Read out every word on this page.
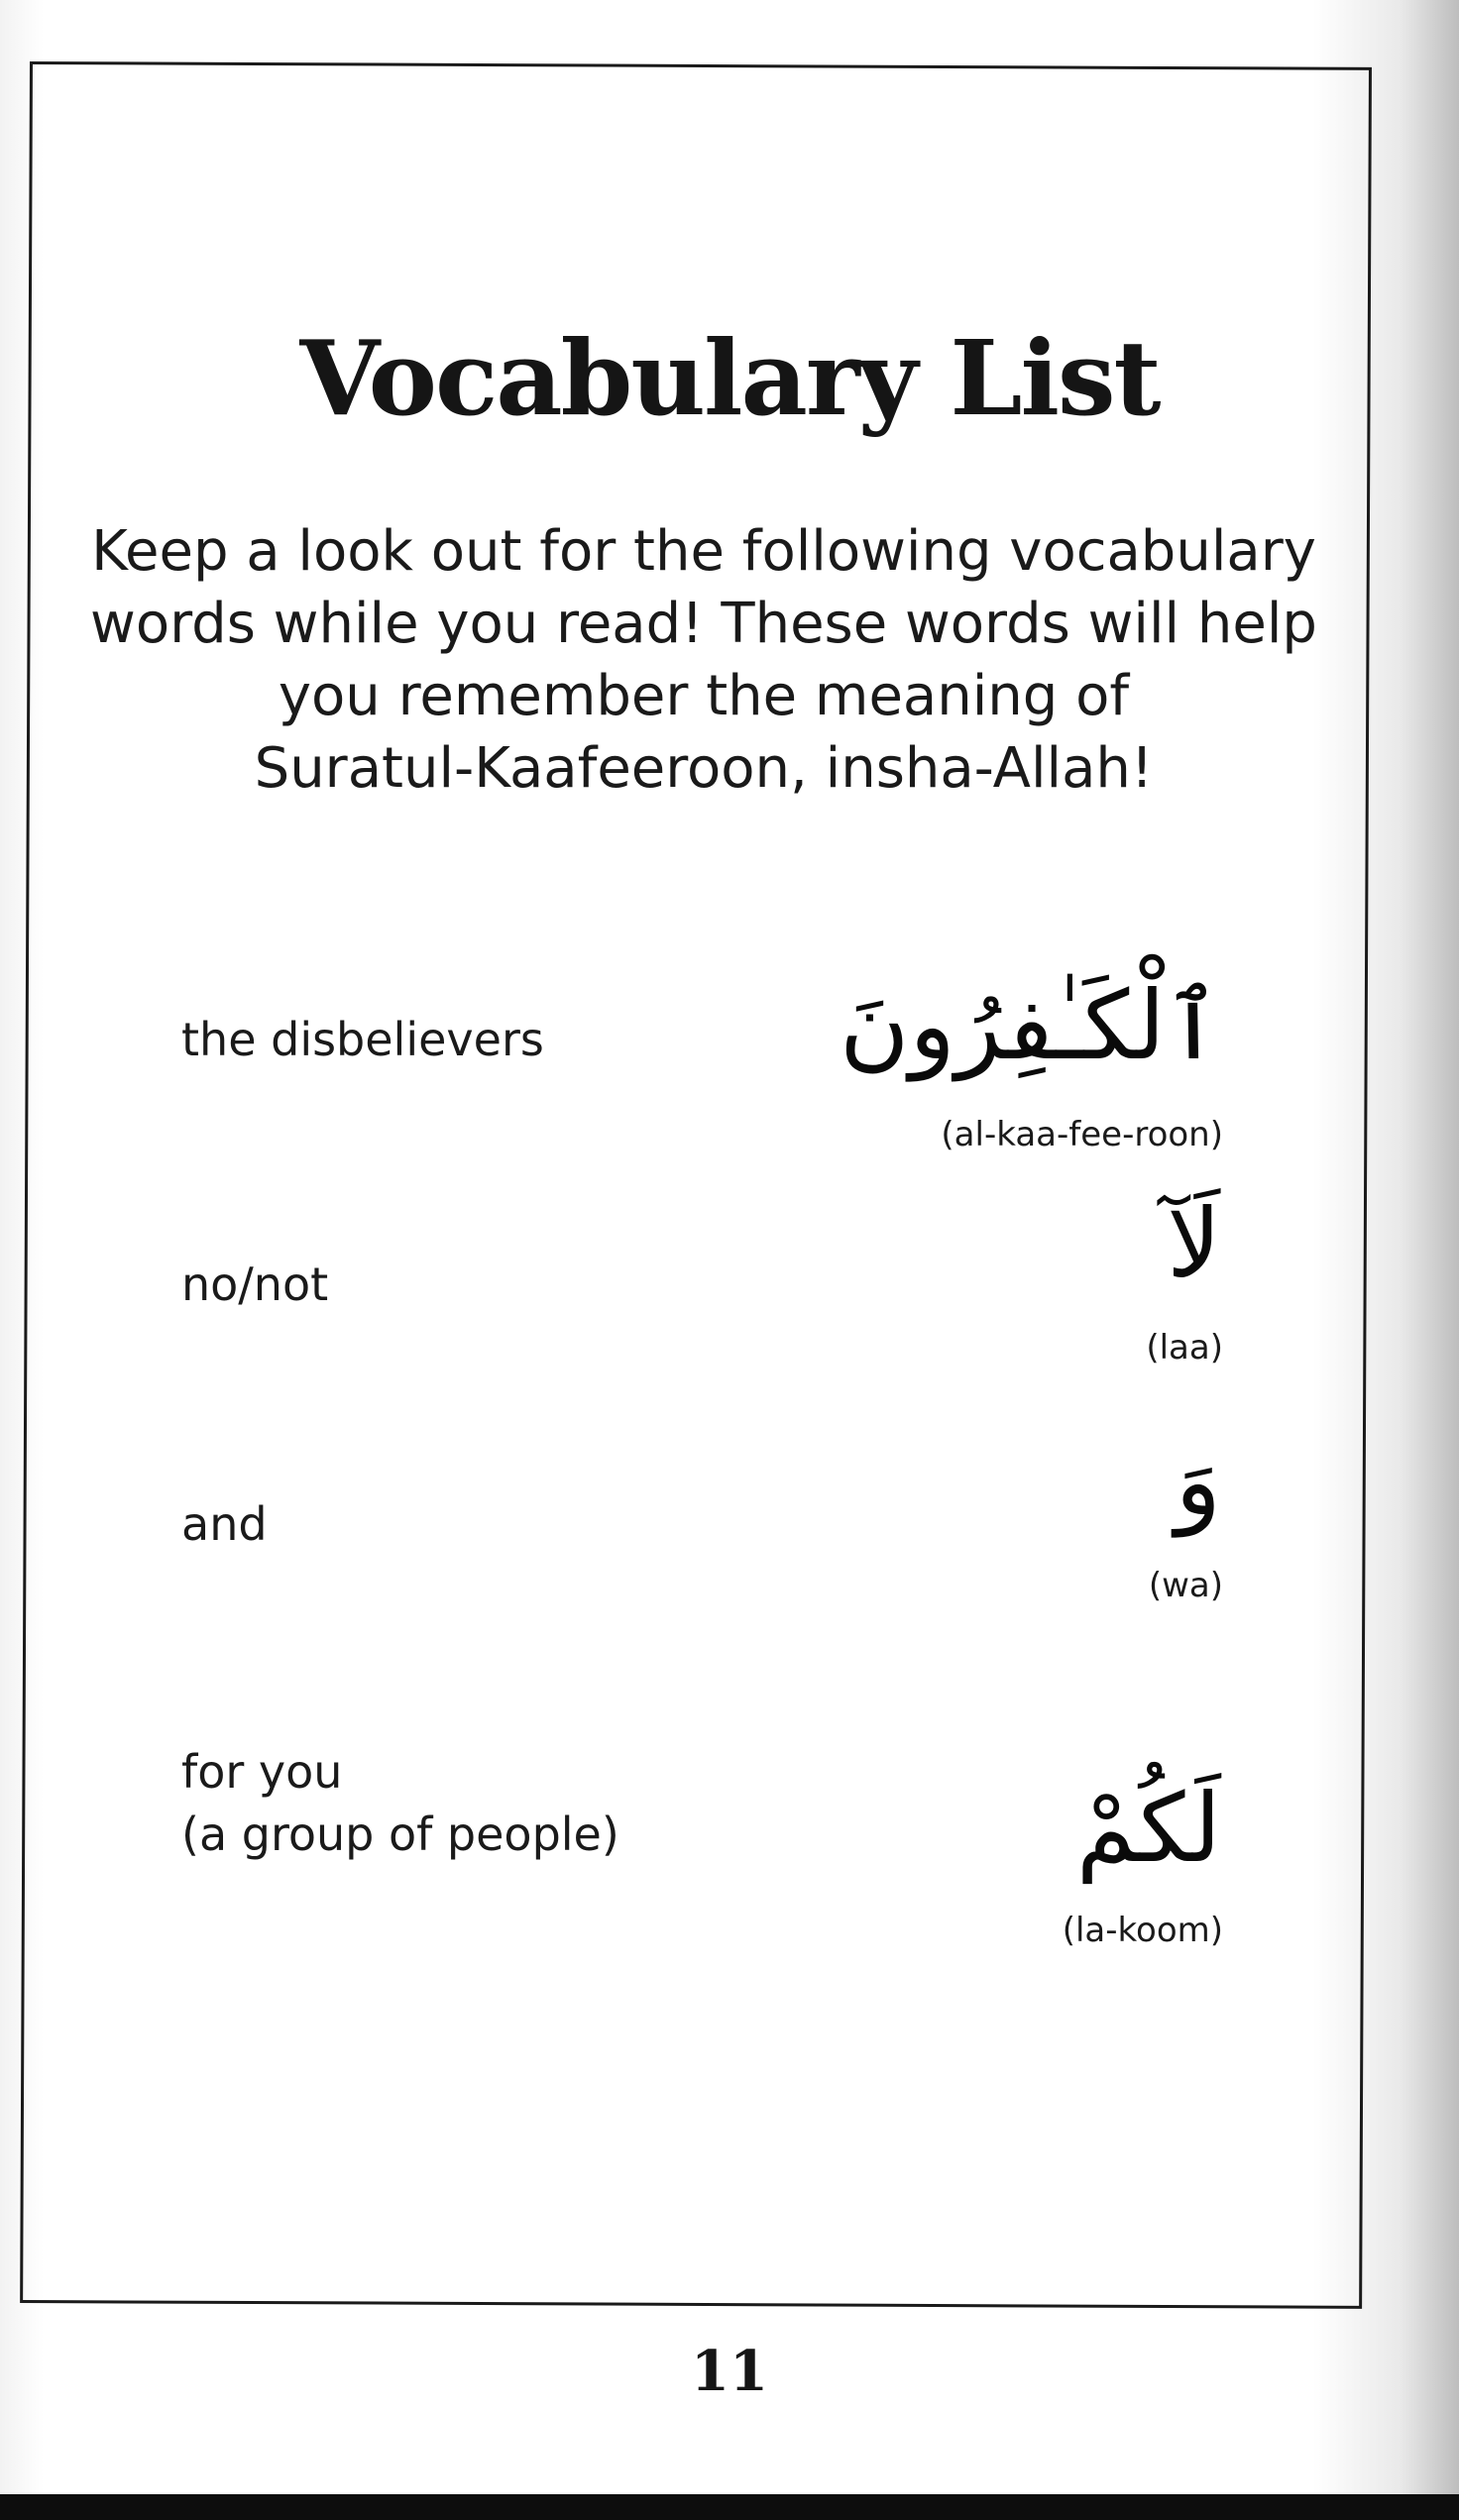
Vocabulary List
Keep a look out for the following vocabulary
words while you read! These words will help
you remember the meaning of
Suratul-Kaafeeroon, insha-Allah!
the disbelievers	ٱلْكَـٰفِرُونَ
(al-kaa-fee-roon)
no/not	لَآ
(laa)
and	وَ
(wa)
for you
(a group of people)	لَكُمْ
(la-koom)
11
